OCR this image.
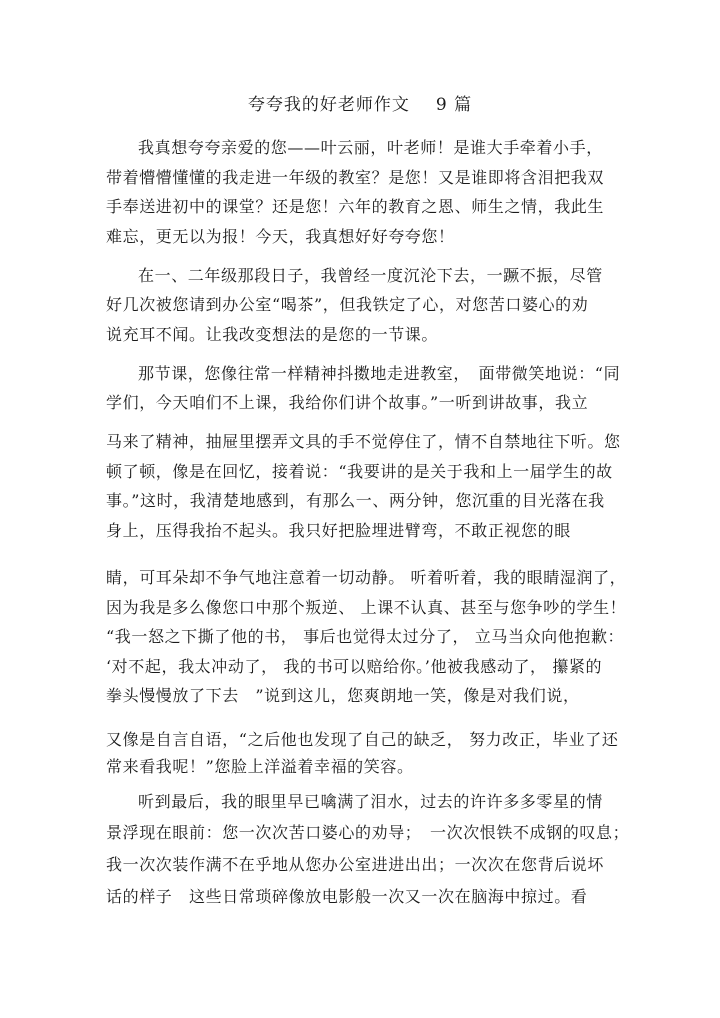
夸夸我的好老师作文 9 篇
我真想夸夸亲爱的您——叶云丽，叶老师！是谁大手牵着小手，
带着懵懵懂懂的我走进一年级的教室？是您！又是谁即将含泪把我双
手奉送进初中的课堂？还是您！六年的教育之恩、师生之情，我此生
难忘，更无以为报！今天，我真想好好夸夸您！
在一、二年级那段日子，我曾经一度沉沦下去，一蹶不振，尽管
好几次被您请到办公室“喝茶”，但我铁定了心，对您苦口婆心的劝
说充耳不闻。让我改变想法的是您的一节课。
那节课，您像往常一样精神抖擞地走进教室，　面带微笑地说：“同
学们，今天咱们不上课，我给你们讲个故事。”一听到讲故事，我立
马来了精神，抽屉里摆弄文具的手不觉停住了，情不自禁地往下听。您
顿了顿，像是在回忆，接着说：“我要讲的是关于我和上一届学生的故
事。”这时，我清楚地感到，有那么一、两分钟，您沉重的目光落在我
身上，压得我抬不起头。我只好把脸埋进臂弯，不敢正视您的眼
睛，可耳朵却不争气地注意着一切动静。 听着听着，我的眼睛湿润了，
因为我是多么像您口中那个叛逆、 上课不认真、甚至与您争吵的学生！
“我一怒之下撕了他的书， 事后也觉得太过分了， 立马当众向他抱歉：
‘对不起，我太冲动了， 我的书可以赔给你。’他被我感动了， 攥紧的
拳头慢慢放了下去　”说到这儿，您爽朗地一笑，像是对我们说，
又像是自言自语，“之后他也发现了自己的缺乏， 努力改正，毕业了还
常来看我呢！”您脸上洋溢着幸福的笑容。
听到最后，我的眼里早已噙满了泪水，过去的许许多多零星的情
景浮现在眼前：您一次次苦口婆心的劝导；　一次次恨铁不成钢的叹息；
我一次次装作满不在乎地从您办公室进进出出；一次次在您背后说坏
话的样子　这些日常琐碎像放电影般一次又一次在脑海中掠过。看
